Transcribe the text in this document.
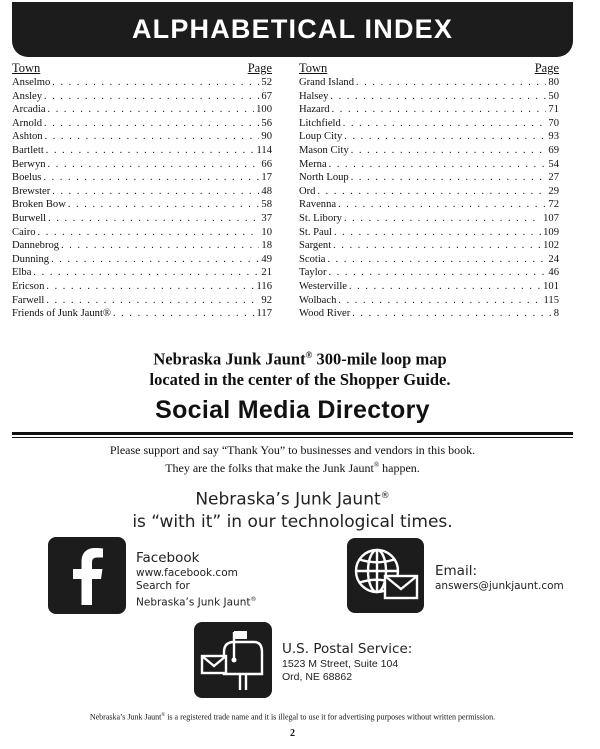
ALPHABETICAL INDEX
Town	Page
Anselmo . . .	52
Ansley . . .	67
Arcadia . . .	100
Arnold . . .	56
Ashton . . .	90
Bartlett . . .	114
Berwyn . . .	66
Boelus . . .	17
Brewster . . .	48
Broken Bow . . .	58
Burwell . . .	37
Cairo . . .	10
Dannebrog . . .	18
Dunning . . .	49
Elba . . .	21
Ericson . . .	116
Farwell . . .	92
Friends of Junk Jaunt® . . .	117
Town	Page
Grand Island . . .	80
Halsey . . .	50
Hazard . . .	71
Litchfield . . .	70
Loup City . . .	93
Mason City . . .	69
Merna . . .	54
North Loup . . .	27
Ord . . .	29
Ravenna . . .	72
St. Libory . . .	107
St. Paul . . .	109
Sargent . . .	102
Scotia . . .	24
Taylor . . .	46
Westerville . . .	101
Wolbach . . .	115
Wood River . . .	8
Nebraska Junk Jaunt® 300-mile loop map
located in the center of the Shopper Guide.
Social Media Directory
Please support and say “Thank You” to businesses and vendors in this book.
They are the folks that make the Junk Jaunt® happen.
Nebraska’s Junk Jaunt®
is “with it” in our technological times.
Facebook
www.facebook.com
Search for
Nebraska’s Junk Jaunt®
Email:
answers@junkjaunt.com
U.S. Postal Service:
1523 M Street, Suite 104
Ord, NE 68862
Nebraska’s Junk Jaunt® is a registered trade name and it is illegal to use it for advertising purposes without written permission.
2
